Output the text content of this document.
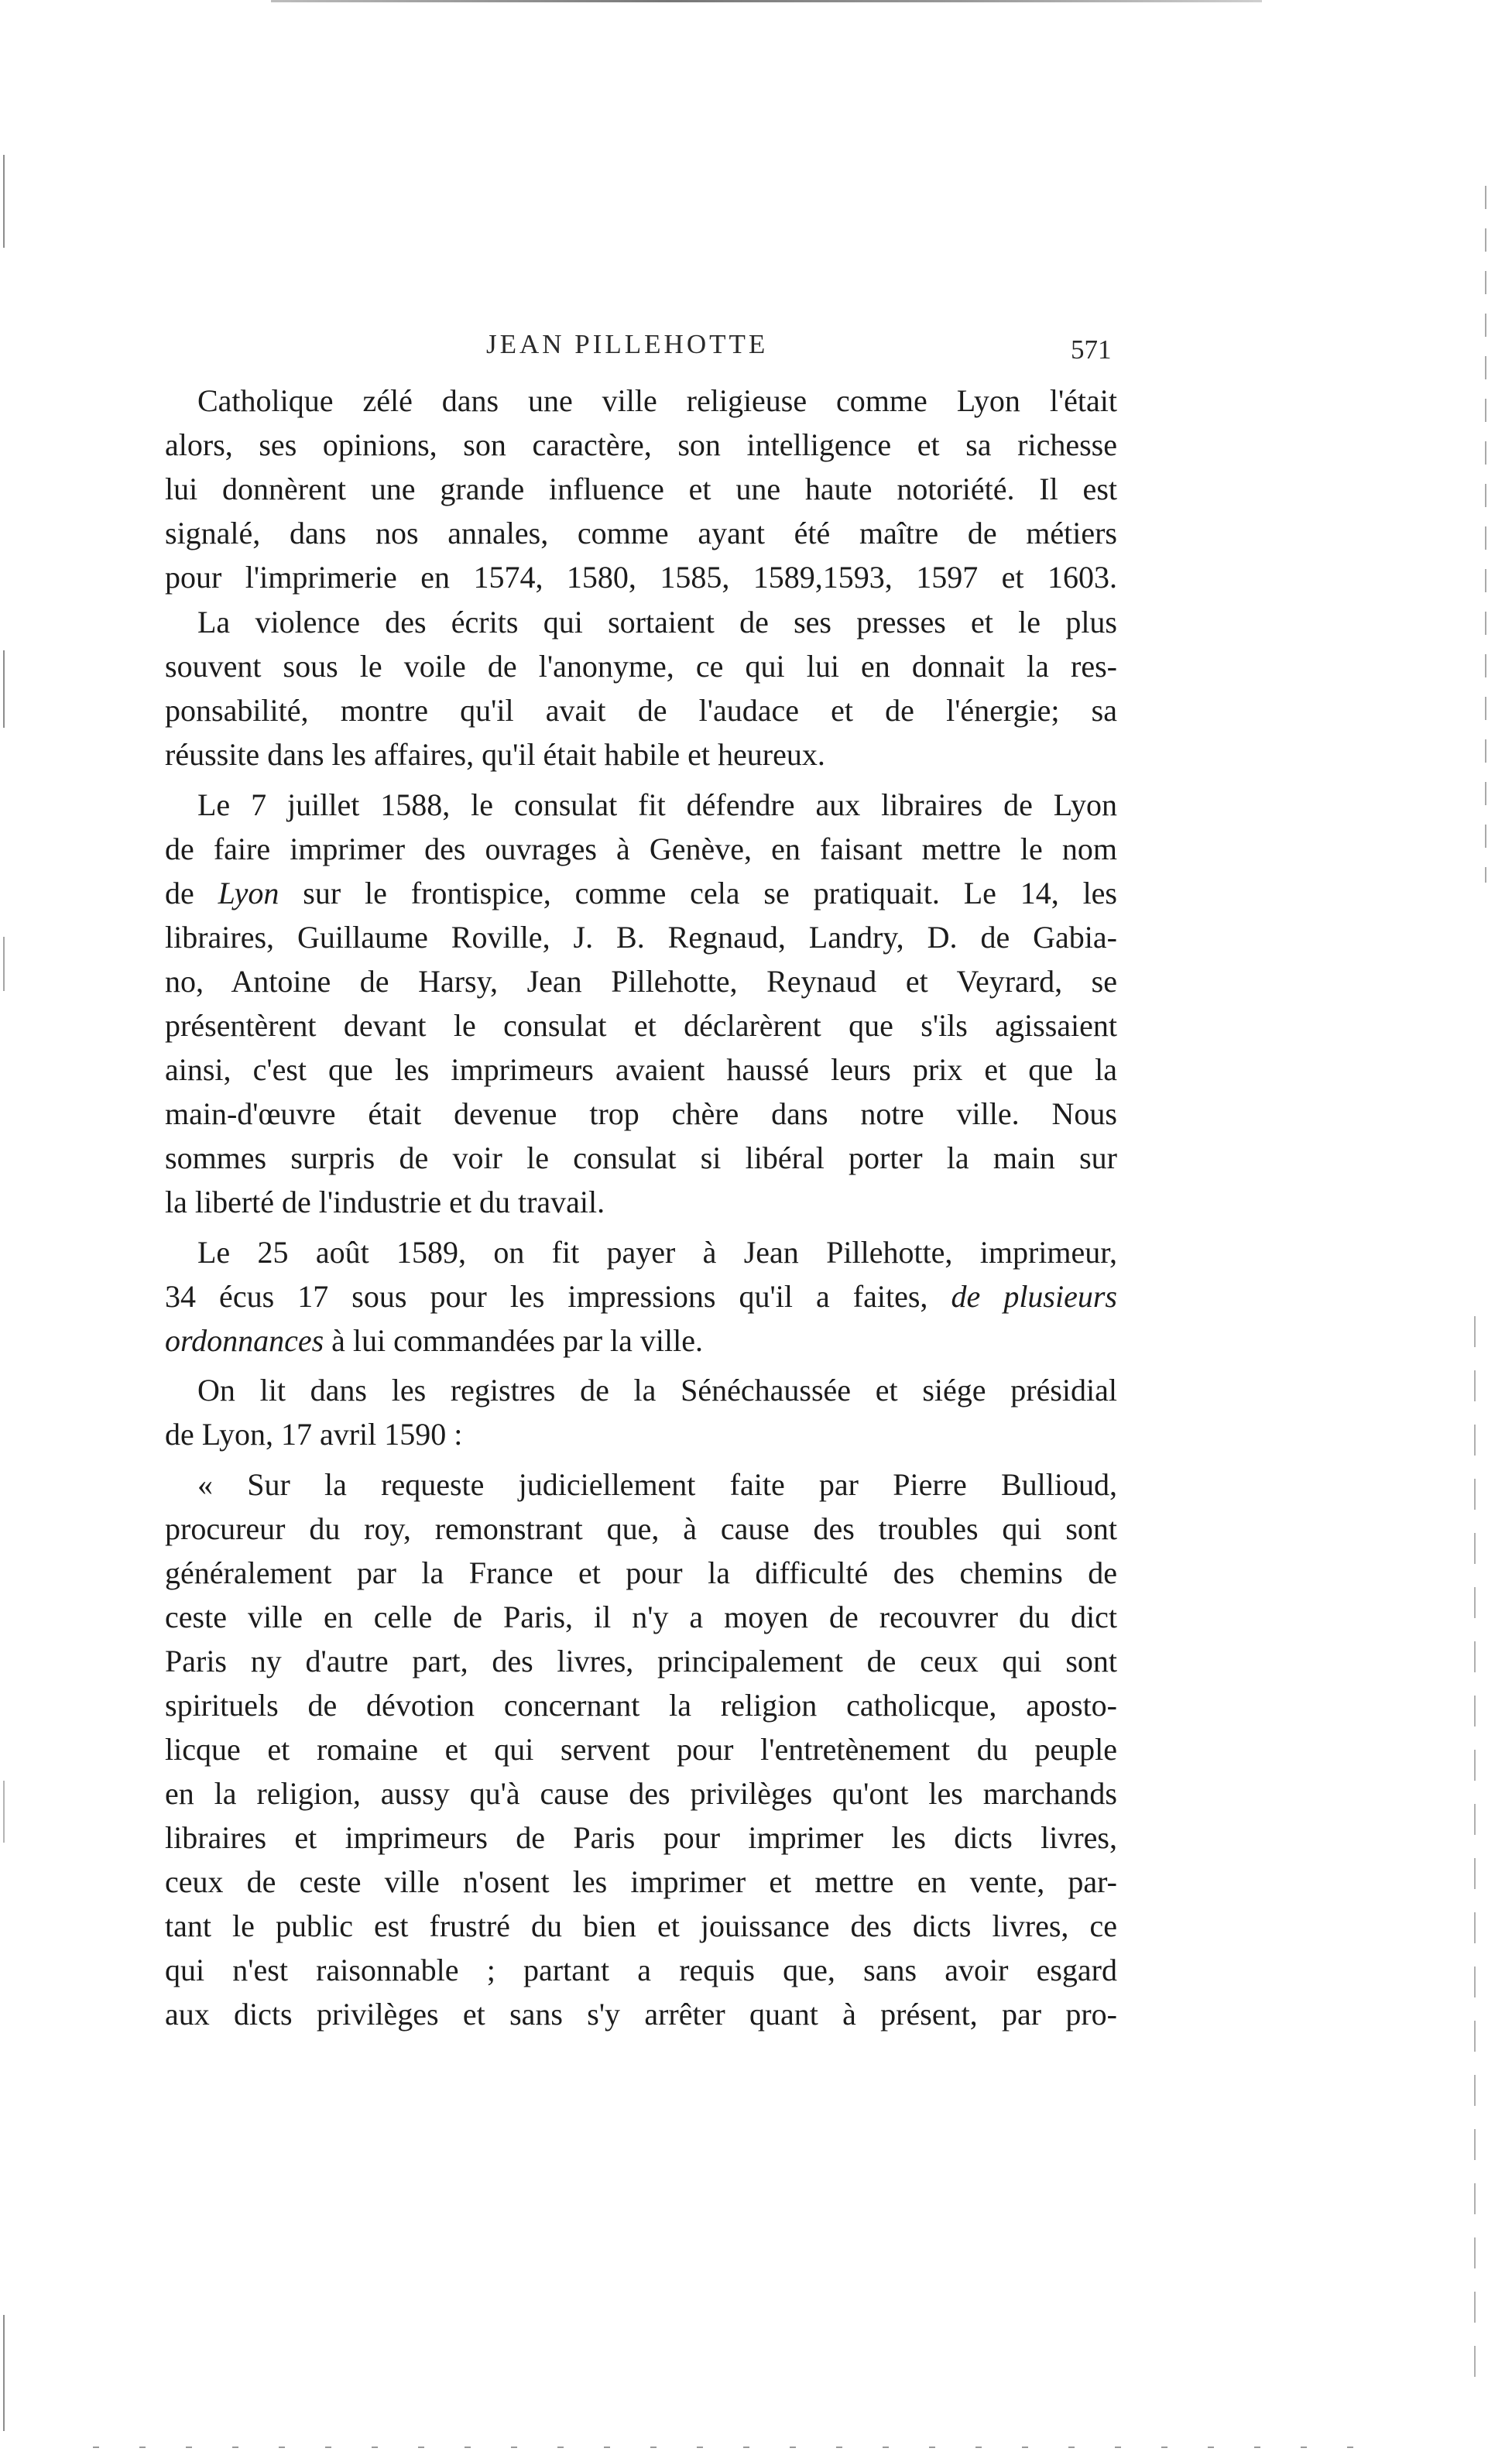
JEAN PILLEHOTTE	571
Catholique zélé dans une ville religieuse comme Lyon l'était
alors, ses opinions, son caractère, son intelligence et sa richesse
lui donnèrent une grande influence et une haute notoriété. Il est
signalé, dans nos annales, comme ayant été maître de métiers
pour l'imprimerie en 1574, 1580, 1585, 1589,1593, 1597 et 1603.
La violence des écrits qui sortaient de ses presses et le plus
souvent sous le voile de l'anonyme, ce qui lui en donnait la res-
ponsabilité, montre qu'il avait de l'audace et de l'énergie; sa
réussite dans les affaires, qu'il était habile et heureux.
Le 7 juillet 1588, le consulat fit défendre aux libraires de Lyon
de faire imprimer des ouvrages à Genève, en faisant mettre le nom
de Lyon sur le frontispice, comme cela se pratiquait. Le 14, les
libraires, Guillaume Roville, J. B. Regnaud, Landry, D. de Gabia-
no, Antoine de Harsy, Jean Pillehotte, Reynaud et Veyrard, se
présentèrent devant le consulat et déclarèrent que s'ils agissaient
ainsi, c'est que les imprimeurs avaient haussé leurs prix et que la
main-d'œuvre était devenue trop chère dans notre ville. Nous
sommes surpris de voir le consulat si libéral porter la main sur
la liberté de l'industrie et du travail.
Le 25 août 1589, on fit payer à Jean Pillehotte, imprimeur,
34 écus 17 sous pour les impressions qu'il a faites, de plusieurs
ordonnances à lui commandées par la ville.
On lit dans les registres de la Sénéchaussée et siége présidial
de Lyon, 17 avril 1590 :
« Sur la requeste judiciellement faite par Pierre Bullioud,
procureur du roy, remonstrant que, à cause des troubles qui sont
généralement par la France et pour la difficulté des chemins de
ceste ville en celle de Paris, il n'y a moyen de recouvrer du dict
Paris ny d'autre part, des livres, principalement de ceux qui sont
spirituels de dévotion concernant la religion catholicque, aposto-
licque et romaine et qui servent pour l'entretènement du peuple
en la religion, aussy qu'à cause des privilèges qu'ont les marchands
libraires et imprimeurs de Paris pour imprimer les dicts livres,
ceux de ceste ville n'osent les imprimer et mettre en vente, par-
tant le public est frustré du bien et jouissance des dicts livres, ce
qui n'est raisonnable ; partant a requis que, sans avoir esgard
aux dicts privilèges et sans s'y arrêter quant à présent, par pro-
